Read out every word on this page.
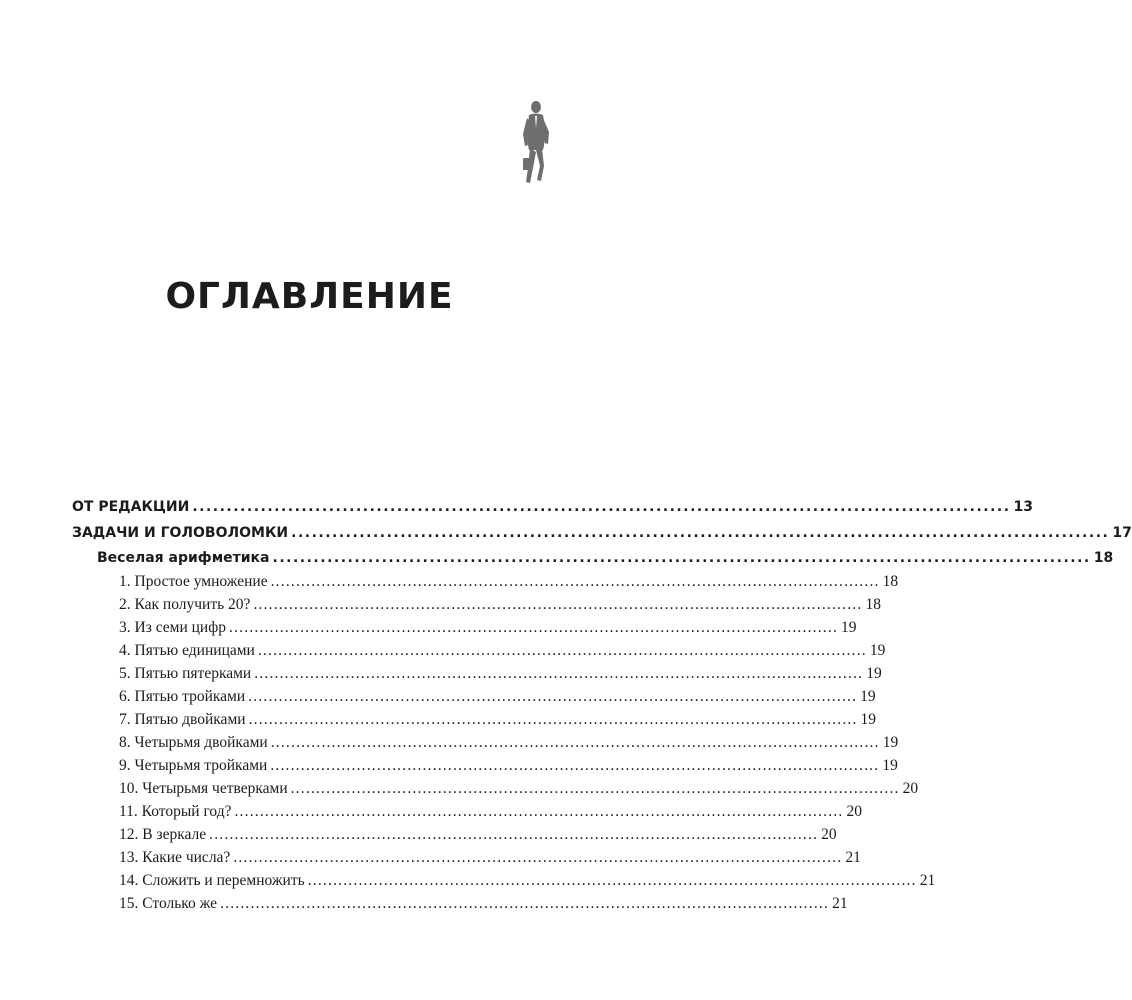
ОГЛАВЛЕНИЕ
ОТ РЕДАКЦИИ ........................................................................................................................ 13
ЗАДАЧИ И ГОЛОВОЛОМКИ ........................................................................................................................ 17
Веселая арифметика ........................................................................................................................ 18
1. Простое умножение ........................................................................................................................ 18
2. Как получить 20? ........................................................................................................................ 18
3. Из семи цифр ........................................................................................................................ 19
4. Пятью единицами ........................................................................................................................ 19
5. Пятью пятерками ........................................................................................................................ 19
6. Пятью тройками ........................................................................................................................ 19
7. Пятью двойками ........................................................................................................................ 19
8. Четырьмя двойками ........................................................................................................................ 19
9. Четырьмя тройками ........................................................................................................................ 19
10. Четырьмя четверками ........................................................................................................................ 20
11. Который год? ........................................................................................................................ 20
12. В зеркале ........................................................................................................................ 20
13. Какие числа? ........................................................................................................................ 21
14. Сложить и перемножить ........................................................................................................................ 21
15. Столько же ........................................................................................................................ 21
